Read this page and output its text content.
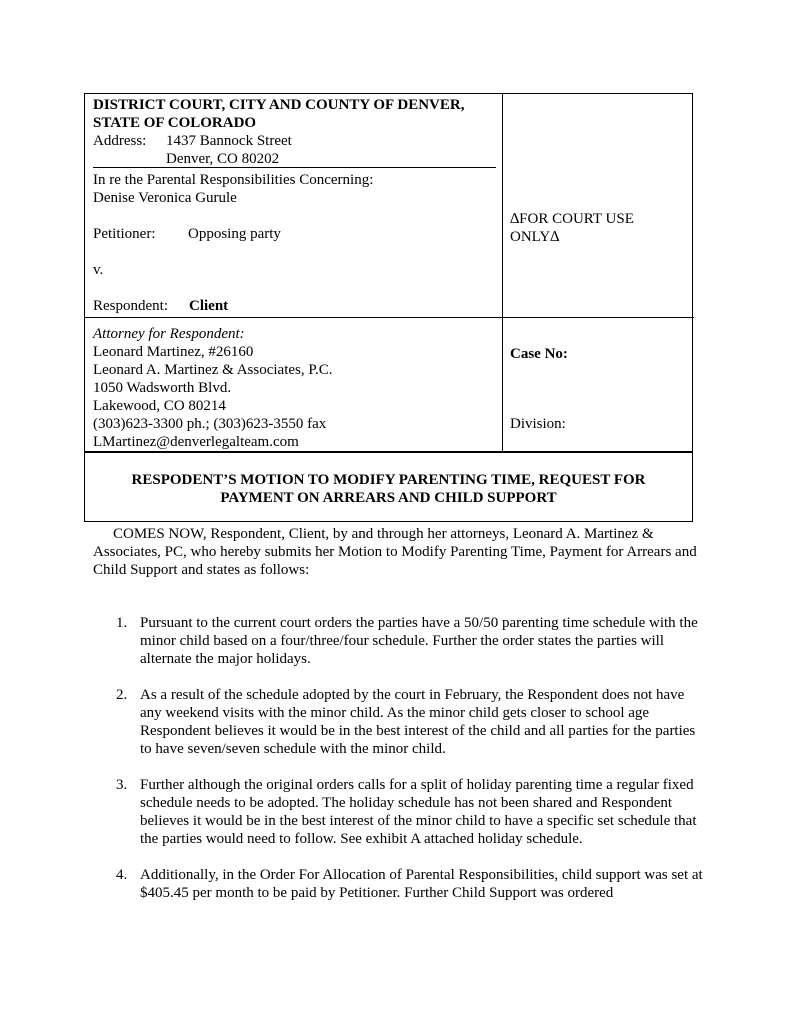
DISTRICT COURT, CITY AND COUNTY OF DENVER,
STATE OF COLORADO
Address: 1437 Bannock Street
Denver, CO 80202
In re the Parental Responsibilities Concerning:
Denise Veronica Gurule
Petitioner: Opposing party
v.
Respondent: Client
∆FOR COURT USE
ONLY∆
Attorney for Respondent:
Leonard Martinez, #26160
Leonard A. Martinez & Associates, P.C.
1050 Wadsworth Blvd.
Lakewood, CO 80214
(303)623-3300 ph.; (303)623-3550 fax
LMartinez@denverlegalteam.com
Case No:
Division:
RESPODENT’S MOTION TO MODIFY PARENTING TIME, REQUEST FOR
PAYMENT ON ARREARS AND CHILD SUPPORT
COMES NOW, Respondent, Client, by and through her attorneys, Leonard A. Martinez & Associates, PC, who hereby submits her Motion to Modify Parenting Time, Payment for Arrears and Child Support and states as follows:
1. Pursuant to the current court orders the parties have a 50/50 parenting time schedule with the minor child based on a four/three/four schedule. Further the order states the parties will alternate the major holidays.
2. As a result of the schedule adopted by the court in February, the Respondent does not have any weekend visits with the minor child. As the minor child gets closer to school age Respondent believes it would be in the best interest of the child and all parties for the parties to have seven/seven schedule with the minor child.
3. Further although the original orders calls for a split of holiday parenting time a regular fixed schedule needs to be adopted. The holiday schedule has not been shared and Respondent believes it would be in the best interest of the minor child to have a specific set schedule that the parties would need to follow. See exhibit A attached holiday schedule.
4. Additionally, in the Order For Allocation of Parental Responsibilities, child support was set at $405.45 per month to be paid by Petitioner. Further Child Support was ordered
